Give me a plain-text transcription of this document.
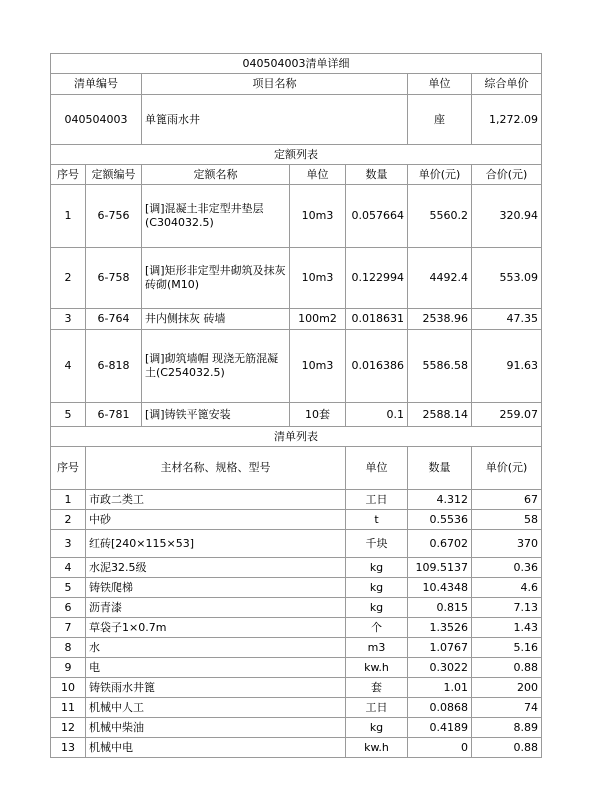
040504003清单详细							
清单编号		项目名称			单位	综合单价	
040504003		单篦雨水井			座	1,272.09	
定额列表							
序号	定额编号	定额名称	单位	数量	单价(元)	合价(元)	
1	6-756	[调]混凝土非定型井垫层(C304032.5)	10m3	0.057664	5560.2	320.94	
2	6-758	[调]矩形非定型井砌筑及抹灰 砖砌(M10)	10m3	0.122994	4492.4	553.09	
3	6-764	井内侧抹灰 砖墙	100m2	0.018631	2538.96	47.35	
4	6-818	[调]砌筑墙帽 现浇无筋混凝土(C254032.5)	10m3	0.016386	5586.58	91.63	
5	6-781	[调]铸铁平篦安装	10套	0.1	2588.14	259.07	
清单列表							
序号	主材名称、规格、型号			单位	数量	单价(元)	
1	市政二类工			工日	4.312	67	
2	中砂			t	0.5536	58	
3	红砖[240×115×53]			千块	0.6702	370	
4	水泥32.5级			kg	109.5137	0.36	
5	铸铁爬梯			kg	10.4348	4.6	
6	沥青漆			kg	0.815	7.13	
7	草袋子1×0.7m			个	1.3526	1.43	
8	水			m3	1.0767	5.16	
9	电			kw.h	0.3022	0.88	
10	铸铁雨水井篦			套	1.01	200	
11	机械中人工			工日	0.0868	74	
12	机械中柴油			kg	0.4189	8.89	
13	机械中电			kw.h	0	0.88	
